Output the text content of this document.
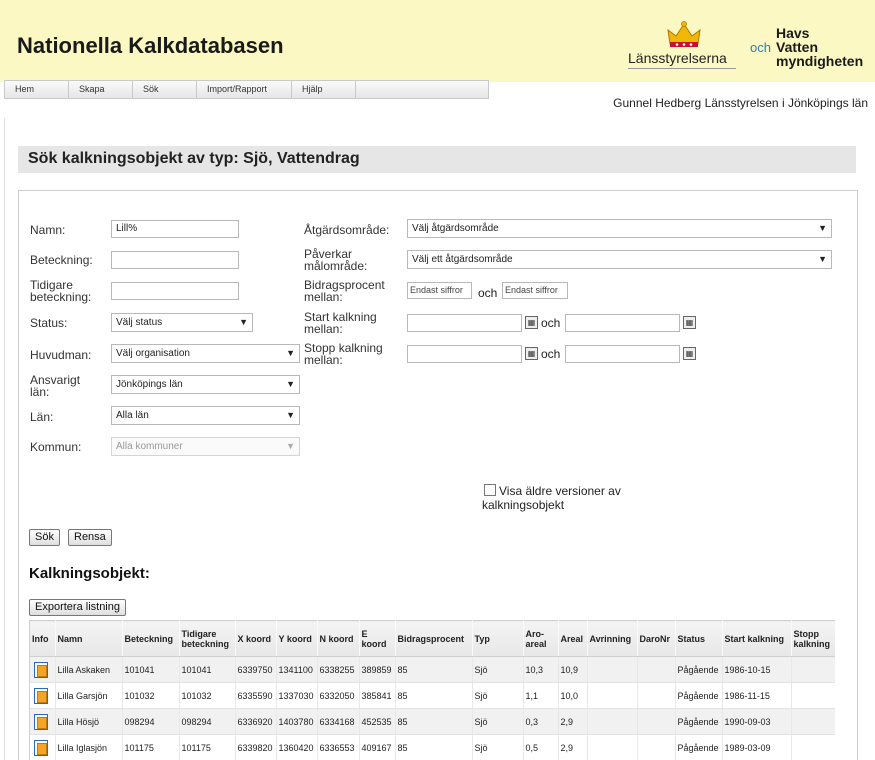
Nationella Kalkdatabasen	Länsstyrelserna
och
Havs
Vatten
myndigheten
Hem	Skapa	Sök	Import/Rapport	Hjälp
Gunnel Hedberg Länsstyrelsen i Jönköpings län
Sök kalkningsobjekt av typ: Sjö, Vattendrag
Namn:	Lill%
Beteckning:
Tidigare beteckning:
Status:	Välj status	▼
Huvudman:	Välj organisation	▼
Ansvarigt län:
Jönköpings län	▼
Län:	Alla län	▼
Kommun:	Alla kommuner	▼
Åtgärdsområde:	Välj åtgärdsområde	▼
Påverkar målområde:	Välj ett åtgärdsområde	▼
Bidragsprocent mellan:	Endast siffror	och Endast siffror
Start kalkning mellan:	▦ och	▦
Stopp kalkning mellan:	▦ och	▦
Visa äldre versioner av kalkningsobjekt
Sök	Rensa
Kalkningsobjekt:
Exportera listning
Info	Namn	Beteckning	Tidigare beteckning	X koord	Y koord	N koord	E koord	Bidragsprocent	Typ	Aro-areal	Areal	Avrinning	DaroNr	Status	Start kalkning	Stopp kalkning
	Lilla Askaken	101041	101041	6339750	1341100	6338255	389859	85	Sjö	10,3	10,9			Pågående	1986-10-15	
	Lilla Garsjön	101032	101032	6335590	1337030	6332050	385841	85	Sjö	1,1	10,0			Pågående	1986-11-15	
	Lilla Hösjö	098294	098294	6336920	1403780	6334168	452535	85	Sjö	0,3	2,9			Pågående	1990-09-03	
	Lilla Iglasjön	101175	101175	6339820	1360420	6336553	409167	85	Sjö	0,5	2,9			Pågående	1989-03-09	
